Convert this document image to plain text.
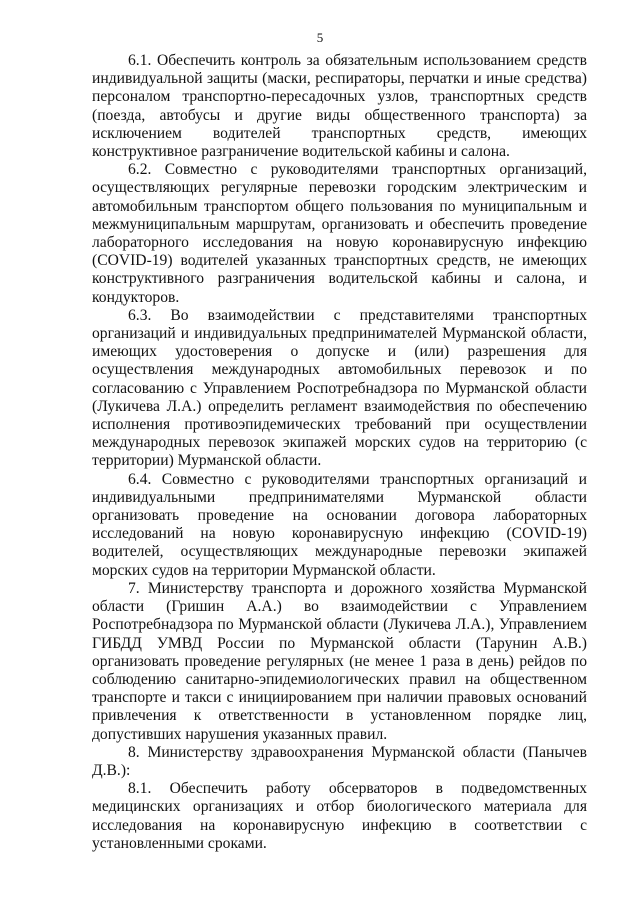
5

6.1. Обеспечить контроль за обязательным использованием средств индивидуальной защиты (маски, респираторы, перчатки и иные средства) персоналом транспортно-пересадочных узлов, транспортных средств (поезда, автобусы и другие виды общественного транспорта) за исключением водителей транспортных средств, имеющих конструктивное разграничение водительской кабины и салона.

6.2. Совместно с руководителями транспортных организаций, осуществляющих регулярные перевозки городским электрическим и автомобильным транспортом общего пользования по муниципальным и межмуниципальным маршрутам, организовать и обеспечить проведение лабораторного исследования на новую коронавирусную инфекцию (COVID-19) водителей указанных транспортных средств, не имеющих конструктивного разграничения водительской кабины и салона, и кондукторов.

6.3. Во взаимодействии с представителями транспортных организаций и индивидуальных предпринимателей Мурманской области, имеющих удостоверения о допуске и (или) разрешения для осуществления международных автомобильных перевозок и по согласованию с Управлением Роспотребнадзора по Мурманской области (Лукичева Л.А.) определить регламент взаимодействия по обеспечению исполнения противоэпидемических требований при осуществлении международных перевозок экипажей морских судов на территорию (с территории) Мурманской области.

6.4. Совместно с руководителями транспортных организаций и индивидуальными предпринимателями Мурманской области организовать проведение на основании договора лабораторных исследований на новую коронавирусную инфекцию (COVID-19) водителей, осуществляющих международные перевозки экипажей морских судов на территории Мурманской области.

7. Министерству транспорта и дорожного хозяйства Мурманской области (Гришин А.А.) во взаимодействии с Управлением Роспотребнадзора по Мурманской области (Лукичева Л.А.), Управлением ГИБДД УМВД России по Мурманской области (Тарунин А.В.) организовать проведение регулярных (не менее 1 раза в день) рейдов по соблюдению санитарно-эпидемиологических правил на общественном транспорте и такси с инициированием при наличии правовых оснований привлечения к ответственности в установленном порядке лиц, допустивших нарушения указанных правил.

8. Министерству здравоохранения Мурманской области (Панычев Д.В.):

8.1. Обеспечить работу обсерваторов в подведомственных медицинских организациях и отбор биологического материала для исследования на коронавирусную инфекцию в соответствии с установленными сроками.
